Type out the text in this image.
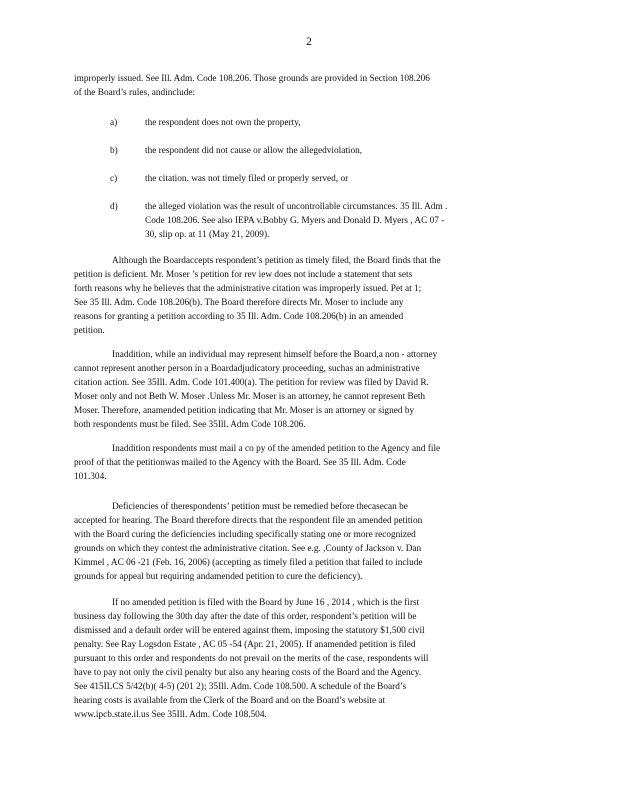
2
improperly issued. See Ill. Adm. Code 108.206. Those grounds are provided in Section 108.206
of the Board’s rules, andinclude:
a)	the respondent does not own the property,
b)	the respondent did not cause or allow the allegedviolation,
c)	the citation. was not timely filed or properly served, or
d)	the alleged violation was the result of uncontrollable circumstances. 35 Ill. Adm .
Code 108.206. See also IEPA v.Bobby G. Myers and Donald D. Myers , AC 07 -
30, slip op. at 11 (May 21, 2009).
Although the Boardaccepts respondent’s petition as timely filed, the Board finds that the
petition is deficient. Mr. Moser ’s petition for rev iew does not include a statement that sets
forth reasons why he believes that the administrative citation was improperly issued. Pet at 1;
See 35 Ill. Adm. Code 108.206(b). The Board therefore directs Mr. Moser to include any
reasons for granting a petition according to 35 Ill. Adm. Code 108.206(b) in an amended
petition.
Inaddition, while an individual may represent himself before the Board,a non - attorney
cannot represent another person in a Boardadjudicatory proceeding, suchas an administrative
citation action. See 35Ill. Adm. Code 101.400(a). The petition for review was filed by David R.
Moser only and not Beth W. Moser .Unless Mr. Moser is an attorney, he cannot represent Beth
Moser. Therefore, anamended petition indicating that Mr. Moser is an attorney or signed by
both respondents must be filed. See 35Ill. Adm Code 108.206.
Inaddition respondents must mail a co py of the amended petition to the Agency and file
proof of that the petitionwas mailed to the Agency with the Board. See 35 Ill. Adm. Code
101.304.
Deficiencies of therespondents’ petition must be remedied before thecasecan be
accepted for hearing. The Board therefore directs that the respondent file an amended petition
with the Board curing the deficiencies including specifically stating one or more recognized
grounds on which they contest the administrative citation. See e.g. ,County of Jackson v. Dan
Kimmel , AC 06 -21 (Feb. 16, 2006) (accepting as timely filed a petition that failed to include
grounds for appeal but requiring andamended petition to cure the deficiency).
If no amended petition is filed with the Board by June 16 , 2014 , which is the first
business day following the 30th day after the date of this order, respondent’s petition will be
dismissed and a default order will be entered against them, imposing the statutory $1,500 civil
penalty. See Ray Logsdon Estate , AC 05 -54 (Apr. 21, 2005). If anamended petition is filed
pursuant to this order and respondents do not prevail on the merits of the case, respondents will
have to pay not only the civil penalty but also any hearing costs of the Board and the Agency.
See 415ILCS 5/42(b)( 4-5) (201 2); 35Ill. Adm. Code 108.500. A schedule of the Board’s
hearing costs is available from the Clerk of the Board and on the Board’s website at
www.ipcb.state.il.us See 35Ill. Adm. Code 108.504.
